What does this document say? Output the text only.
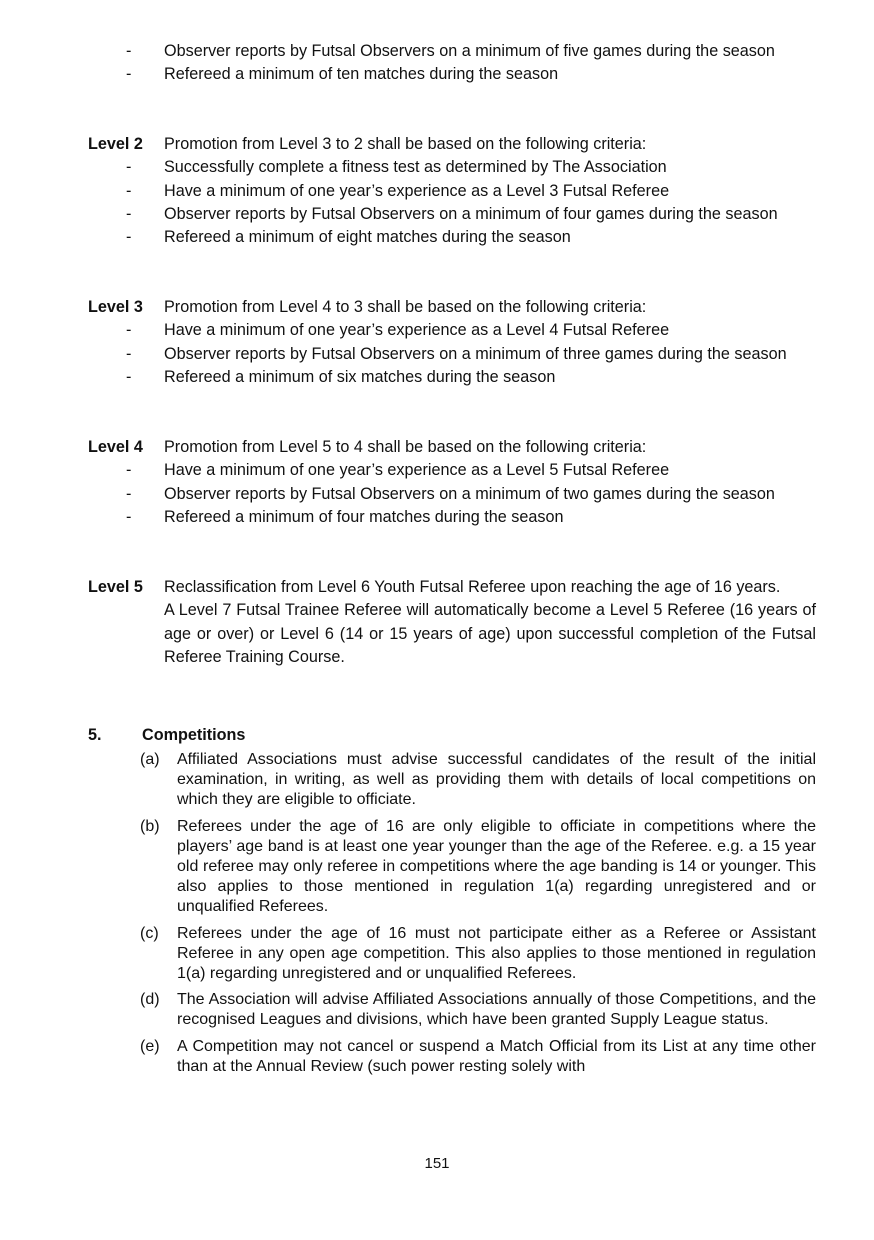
- Observer reports by Futsal Observers on a minimum of five games during the season
- Refereed a minimum of ten matches during the season
Level 2 Promotion from Level 3 to 2 shall be based on the following criteria:
- Successfully complete a fitness test as determined by The Association
- Have a minimum of one year’s experience as a Level 3 Futsal Referee
- Observer reports by Futsal Observers on a minimum of four games during the season
- Refereed a minimum of eight matches during the season
Level 3 Promotion from Level 4 to 3 shall be based on the following criteria:
- Have a minimum of one year’s experience as a Level 4 Futsal Referee
- Observer reports by Futsal Observers on a minimum of three games during the season
- Refereed a minimum of six matches during the season
Level 4 Promotion from Level 5 to 4 shall be based on the following criteria:
- Have a minimum of one year’s experience as a Level 5 Futsal Referee
- Observer reports by Futsal Observers on a minimum of two games during the season
- Refereed a minimum of four matches during the season
Level 5 Reclassification from Level 6 Youth Futsal Referee upon reaching the age of 16 years.
A Level 7 Futsal Trainee Referee will automatically become a Level 5 Referee (16 years of age or over) or Level 6 (14 or 15 years of age) upon successful completion of the Futsal Referee Training Course.
5. Competitions
(a) Affiliated Associations must advise successful candidates of the result of the initial examination, in writing, as well as providing them with details of local competitions on which they are eligible to officiate.
(b) Referees under the age of 16 are only eligible to officiate in competitions where the players’ age band is at least one year younger than the age of the Referee. e.g. a 15 year old referee may only referee in competitions where the age banding is 14 or younger. This also applies to those mentioned in regulation 1(a) regarding unregistered and or unqualified Referees.
(c) Referees under the age of 16 must not participate either as a Referee or Assistant Referee in any open age competition. This also applies to those mentioned in regulation 1(a) regarding unregistered and or unqualified Referees.
(d) The Association will advise Affiliated Associations annually of those Competitions, and the recognised Leagues and divisions, which have been granted Supply League status.
(e) A Competition may not cancel or suspend a Match Official from its List at any time other than at the Annual Review (such power resting solely with
151
